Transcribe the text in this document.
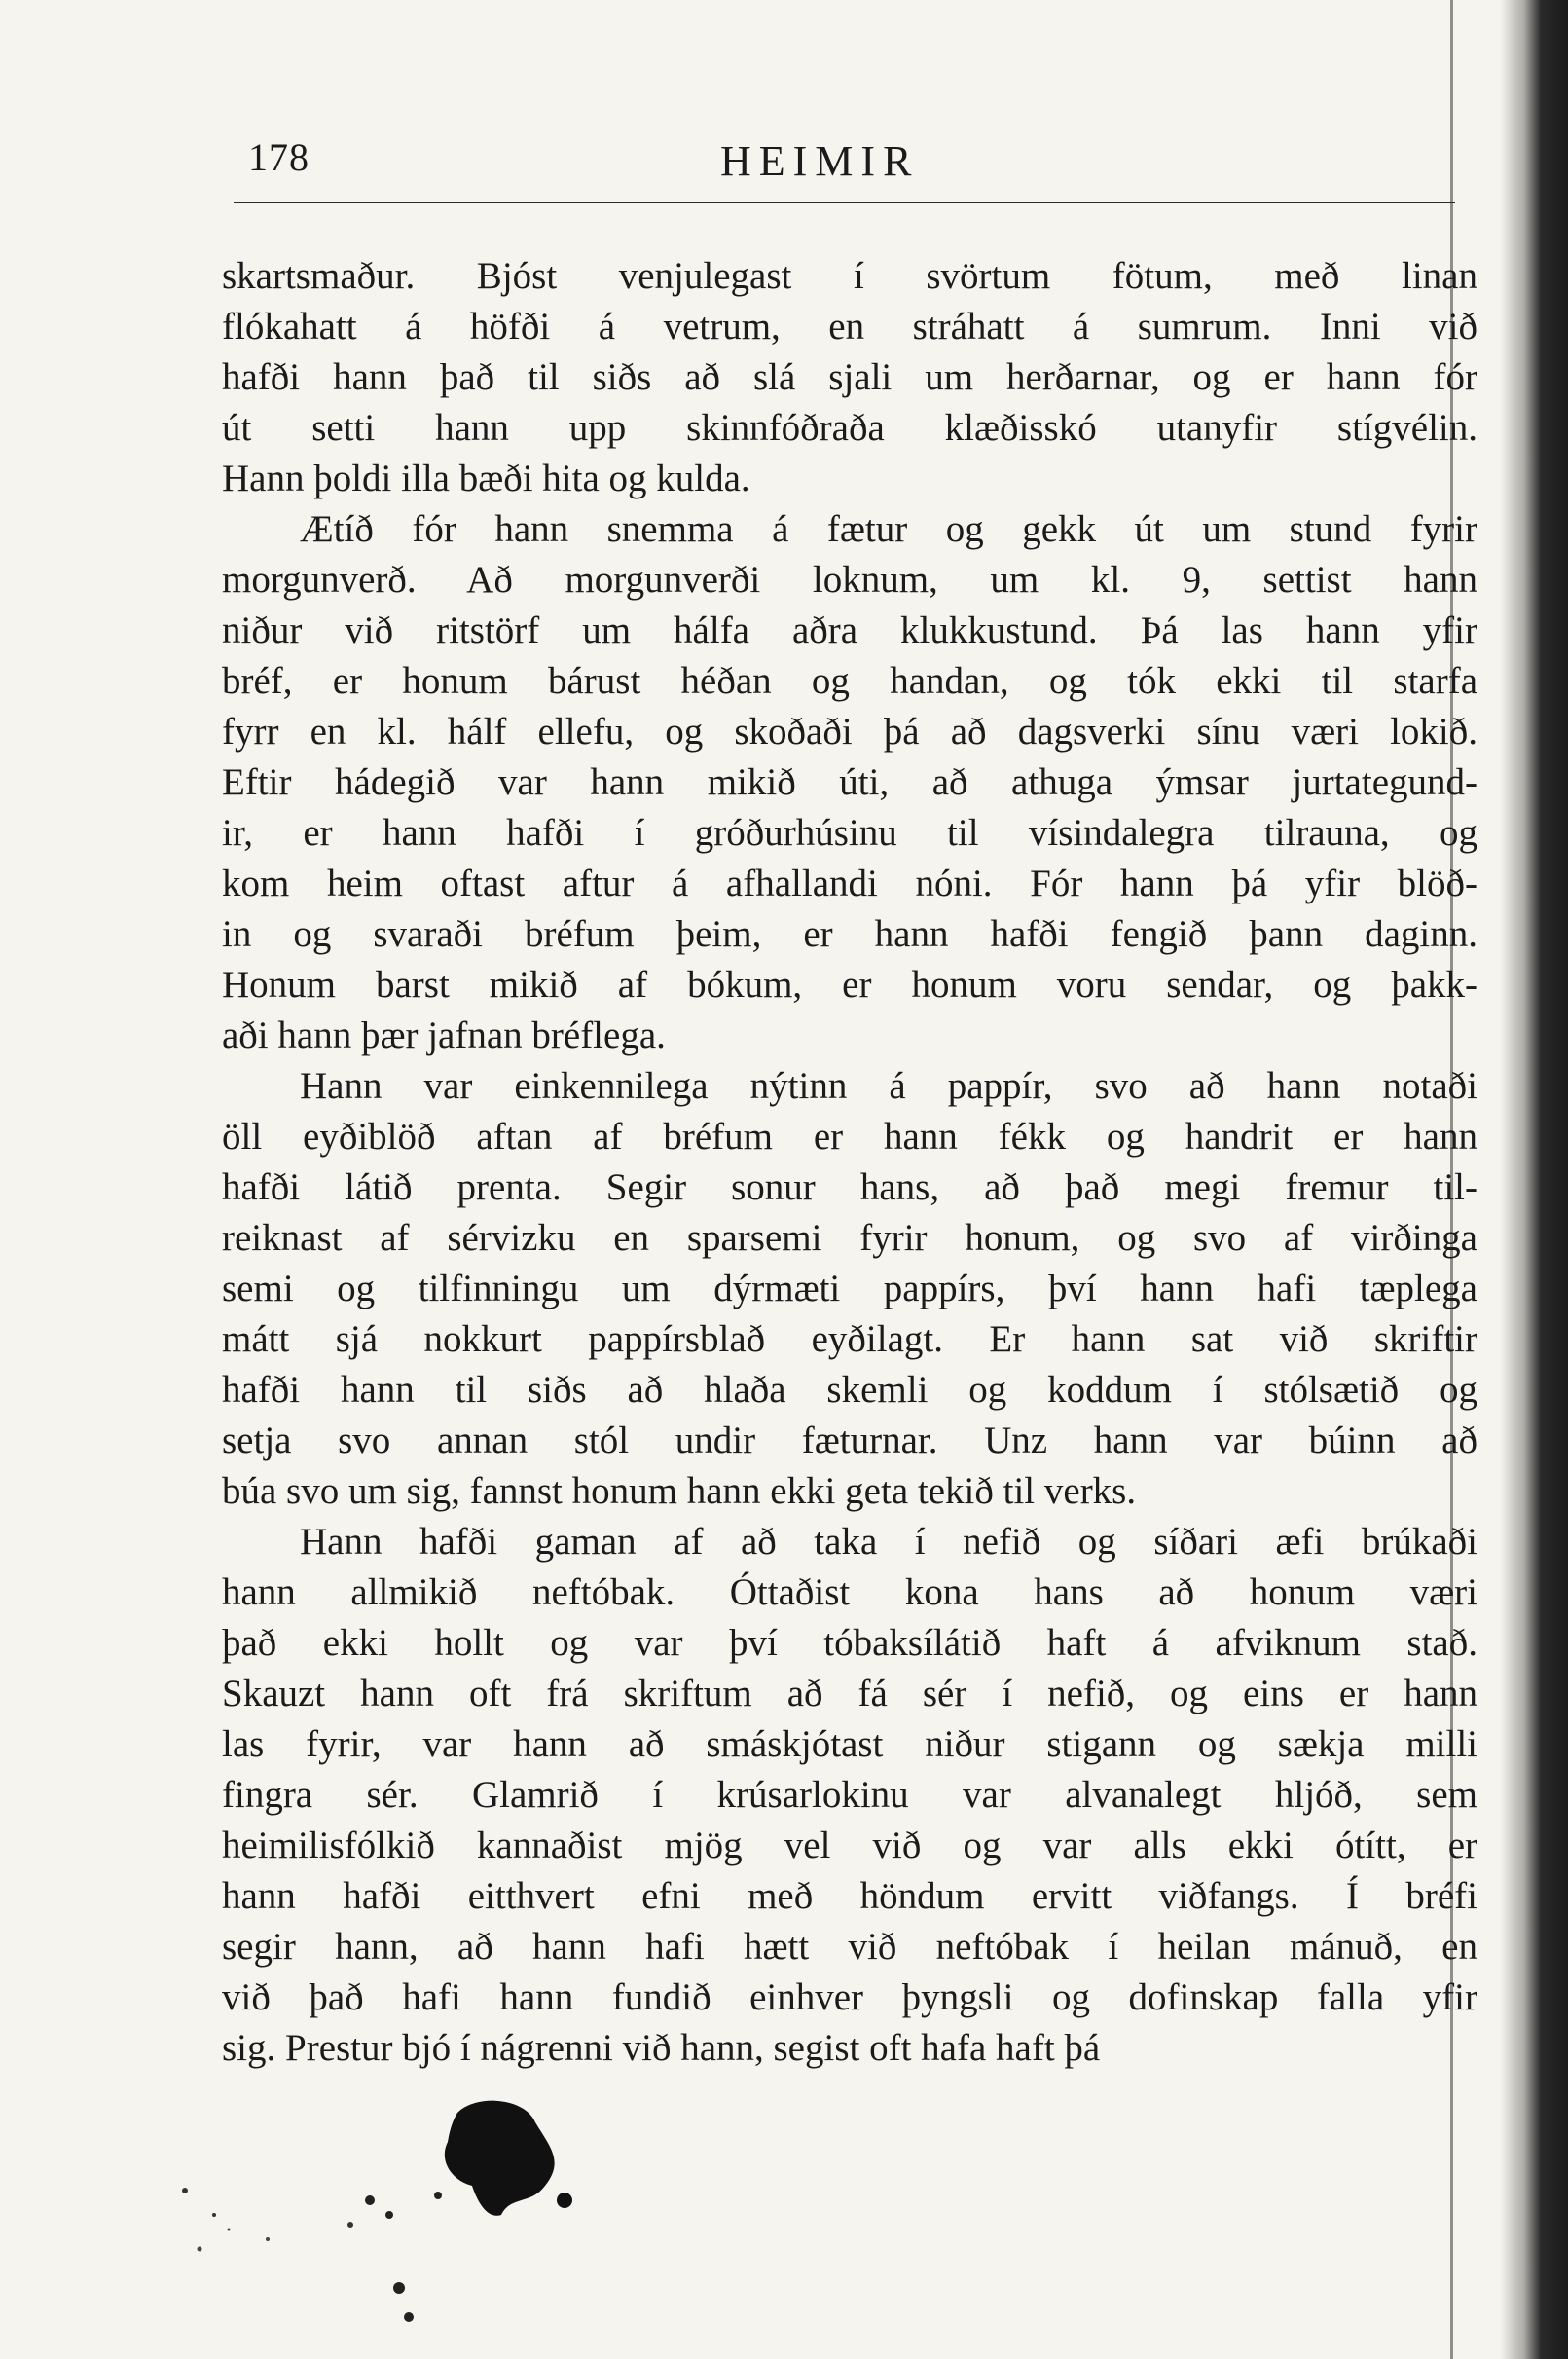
178	HEIMIR
skartsmaður. Bjóst venjulegast í svörtum fötum, með linan
flókahatt á höfði á vetrum, en stráhatt á sumrum. Inni við
hafði hann það til siðs að slá sjali um herðarnar, og er hann fór
út setti hann upp skinnfóðraða klæðisskó utanyfir stígvélin.
Hann þoldi illa bæði hita og kulda.
Ætíð fór hann snemma á fætur og gekk út um stund fyrir
morgunverð. Að morgunverði loknum, um kl. 9, settist hann
niður við ritstörf um hálfa aðra klukkustund. Þá las hann yfir
bréf, er honum bárust héðan og handan, og tók ekki til starfa
fyrr en kl. hálf ellefu, og skoðaði þá að dagsverki sínu væri lokið.
Eftir hádegið var hann mikið úti, að athuga ýmsar jurtategund-
ir, er hann hafði í gróðurhúsinu til vísindalegra tilrauna, og
kom heim oftast aftur á afhallandi nóni. Fór hann þá yfir blöð-
in og svaraði bréfum þeim, er hann hafði fengið þann daginn.
Honum barst mikið af bókum, er honum voru sendar, og þakk-
aði hann þær jafnan bréflega.
Hann var einkennilega nýtinn á pappír, svo að hann notaði
öll eyðiblöð aftan af bréfum er hann fékk og handrit er hann
hafði látið prenta. Segir sonur hans, að það megi fremur til-
reiknast af sérvizku en sparsemi fyrir honum, og svo af virðinga
semi og tilfinningu um dýrmæti pappírs, því hann hafi tæplega
mátt sjá nokkurt pappírsblað eyðilagt. Er hann sat við skriftir
hafði hann til siðs að hlaða skemli og koddum í stólsætið og
setja svo annan stól undir fæturnar. Unz hann var búinn að
búa svo um sig, fannst honum hann ekki geta tekið til verks.
Hann hafði gaman af að taka í nefið og síðari æfi brúkaði
hann allmikið neftóbak. Óttaðist kona hans að honum væri
það ekki hollt og var því tóbaksílátið haft á afviknum stað.
Skauzt hann oft frá skriftum að fá sér í nefið, og eins er hann
las fyrir, var hann að smáskjótast niður stigann og sækja milli
fingra sér. Glamrið í krúsarlokinu var alvanalegt hljóð, sem
heimilisfólkið kannaðist mjög vel við og var alls ekki ótítt, er
hann hafði eitthvert efni með höndum ervitt viðfangs. Í bréfi
segir hann, að hann hafi hætt við neftóbak í heilan mánuð, en
við það hafi hann fundið einhver þyngsli og dofinskap falla yfir
sig. Prestur bjó í nágrenni við hann, segist oft hafa haft þá
